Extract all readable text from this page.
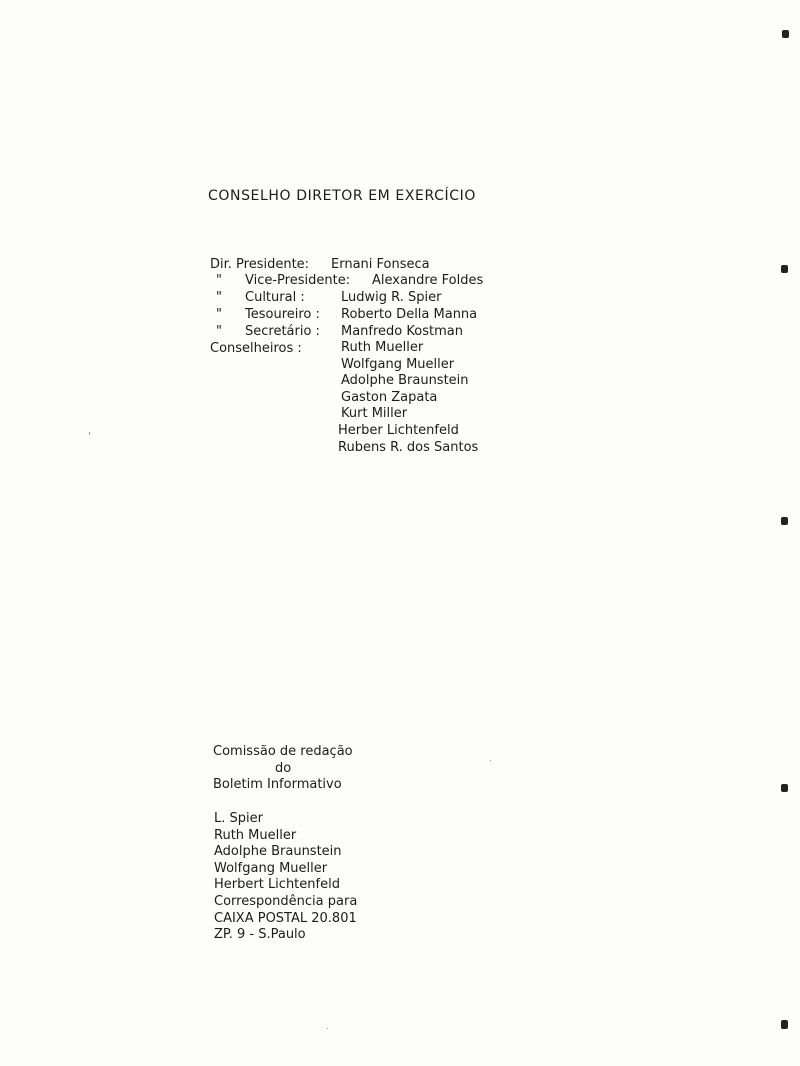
CONSELHO DIRETOR EM EXERCÍCIO
Dir. Presidente: Ernani Fonseca
" Vice-Presidente: Alexandre Foldes
" Cultural :	Ludwig R. Spier
" Tesoureiro : Roberto Della Manna
" Secretário : Manfredo Kostman
Conselheiros :	Ruth Mueller
Wolfgang Mueller
Adolphe Braunstein
Gaston Zapata
Kurt Miller
Herber Lichtenfeld
Rubens R. dos Santos
Comissão de redação
do
Boletim Informativo
L. Spier
Ruth Mueller
Adolphe Braunstein
Wolfgang Mueller
Herbert Lichtenfeld
Correspondência para
CAIXA POSTAL 20.801
ZP. 9 - S.Paulo
